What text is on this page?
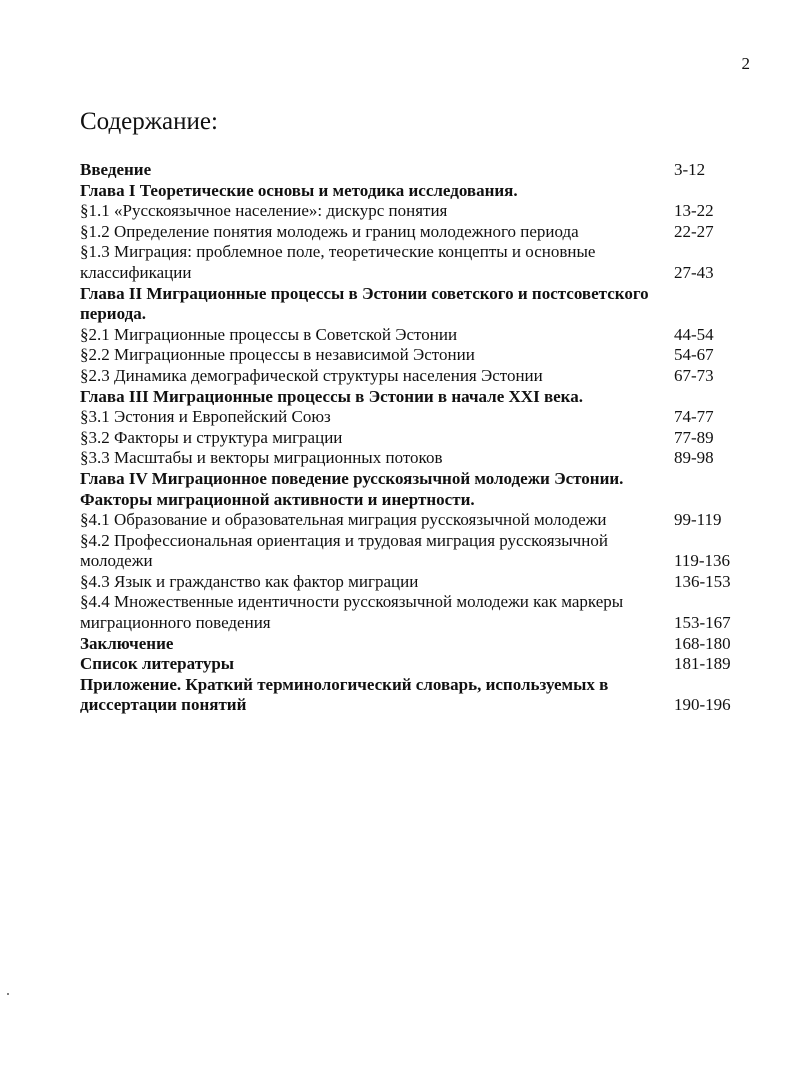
2
Содержание:
Введение	3-12
Глава I Теоретические основы и методика исследования.
§1.1 «Русскоязычное население»: дискурс понятия	13-22
§1.2 Определение понятия молодежь и границ молодежного периода	22-27
§1.3 Миграция: проблемное поле, теоретические концепты и основные классификации	27-43
Глава II Миграционные процессы в Эстонии советского и постсоветского периода.
§2.1 Миграционные процессы в Советской Эстонии	44-54
§2.2 Миграционные процессы в независимой Эстонии	54-67
§2.3 Динамика демографической структуры населения Эстонии	67-73
Глава III Миграционные процессы в Эстонии в начале XXI века.
§3.1 Эстония и Европейский Союз	74-77
§3.2 Факторы и структура миграции	77-89
§3.3 Масштабы и векторы миграционных потоков	89-98
Глава IV Миграционное поведение русскоязычной молодежи Эстонии. Факторы миграционной активности и инертности.
§4.1 Образование и образовательная миграция русскоязычной молодежи	99-119
§4.2 Профессиональная ориентация и трудовая миграция русскоязычной молодежи	119-136
§4.3 Язык и гражданство как фактор миграции	136-153
§4.4 Множественные идентичности русскоязычной молодежи как маркеры миграционного поведения	153-167
Заключение	168-180
Список литературы	181-189
Приложение. Краткий терминологический словарь, используемых в диссертации понятий	190-196
